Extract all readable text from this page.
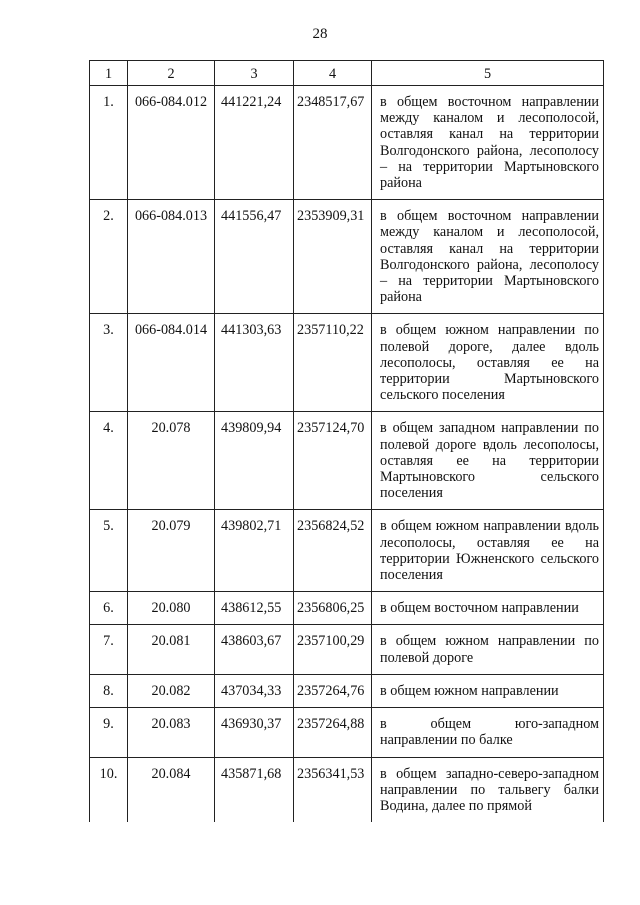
28
1	2	3	4	5
1.	066-084.012	441221,24	2348517,67	в общем восточном направлении между каналом и лесополосой, оставляя канал на территории Волгодонского района, лесополосу – на территории Мартыновского района
2.	066-084.013	441556,47	2353909,31	в общем восточном направлении между каналом и лесополосой, оставляя канал на территории Волгодонского района, лесополосу – на территории Мартыновского района
3.	066-084.014	441303,63	2357110,22	в общем южном направлении по полевой дороге, далее вдоль лесополосы, оставляя ее на территории Мартыновского сельского поселения
4.	20.078	439809,94	2357124,70	в общем западном направлении по полевой дороге вдоль лесополосы, оставляя ее на территории Мартыновского сельского поселения
5.	20.079	439802,71	2356824,52	в общем южном направлении вдоль лесополосы, оставляя ее на территории Южненского сельского поселения
6.	20.080	438612,55	2356806,25	в общем восточном направлении
7.	20.081	438603,67	2357100,29	в общем южном направлении по полевой дороге
8.	20.082	437034,33	2357264,76	в общем южном направлении
9.	20.083	436930,37	2357264,88	в общем юго-западном направлении по балке
10.	20.084	435871,68	2356341,53	в общем западно-северо-западном направлении по тальвегу балки Водина, далее по прямой
